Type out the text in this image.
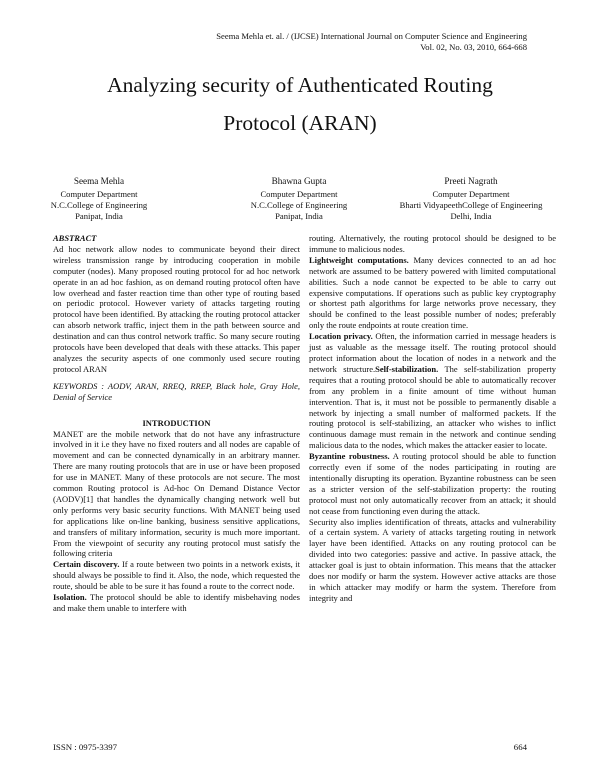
Seema Mehla et. al. / (IJCSE) International Journal on Computer Science and Engineering
Vol. 02, No. 03, 2010, 664-668
Analyzing security of Authenticated Routing
Protocol (ARAN)
Seema Mehla
Computer Department
N.C.College of Engineering
Panipat, India
Bhawna Gupta
Computer Department
N.C.College of Engineering
Panipat, India
Preeti Nagrath
Computer Department
Bharti VidyapeethCollege of Engineering
Delhi, India

ABSTRACT

Ad hoc network allow nodes to communicate beyond their direct wireless transmission range by introducing cooperation in mobile computer (nodes). Many proposed routing protocol for ad hoc network operate in an ad hoc fashion, as on demand routing protocol often have low overhead and faster reaction time than other type of routing based on periodic protocol. However variety of attacks targeting routing protocol have been identified. By attacking the routing protocol attacker can absorb network traffic, inject them in the path between source and destination and can thus control network traffic. So many secure routing protocols have been developed that deals with these attacks. This paper analyzes the security aspects of one commonly used secure routing protocol ARAN

KEYWORDS : AODV, ARAN, RREQ, RREP, Black hole, Gray Hole, Denial of Service

INTRODUCTION

MANET are the mobile network that do not have any infrastructure involved in it i.e they have no fixed routers and all nodes are capable of movement and can be connected dynamically in an arbitrary manner. There are many routing protocols that are in use or have been proposed for use in MANET. Many of these protocols are not secure. The most common Routing protocol is Ad-hoc On Demand Distance Vector (AODV)[1] that handles the dynamically changing network well but only performs very basic security functions. With MANET being used for applications like on-line banking, business sensitive applications, and transfers of military information, security is much more important. From the viewpoint of security any routing protocol must satisfy the following criteria

Certain discovery. If a route between two points in a network exists, it should always be possible to find it. Also, the node, which requested the route, should be able to be sure it has found a route to the correct node.

Isolation. The protocol should be able to identify misbehaving nodes and make them unable to interfere with

routing. Alternatively, the routing protocol should be designed to be immune to malicious nodes.

Lightweight computations. Many devices connected to an ad hoc network are assumed to be battery powered with limited computational abilities. Such a node cannot be expected to be able to carry out expensive computations. If operations such as public key cryptography or shortest path algorithms for large networks prove necessary, they should be confined to the least possible number of nodes; preferably only the route endpoints at route creation time.

Location privacy. Often, the information carried in message headers is just as valuable as the message itself. The routing protocol should protect information about the location of nodes in a network and the network structure.Self-stabilization. The self-stabilization property requires that a routing protocol should be able to automatically recover from any problem in a finite amount of time without human intervention. That is, it must not be possible to permanently disable a network by injecting a small number of malformed packets. If the routing protocol is self-stabilizing, an attacker who wishes to inflict continuous damage must remain in the network and continue sending malicious data to the nodes, which makes the attacker easier to locate.

Byzantine robustness. A routing protocol should be able to function correctly even if some of the nodes participating in routing are intentionally disrupting its operation. Byzantine robustness can be seen as a stricter version of the self-stabilization property: the routing protocol must not only automatically recover from an attack; it should not cease from functioning even during the attack.

Security also implies identification of threats, attacks and vulnerability of a certain system. A variety of attacks targeting routing in network layer have been identified. Attacks on any routing protocol can be divided into two categories: passive and active. In passive attack, the attacker goal is just to obtain information. This means that the attacker does nor modify or harm the system. However active attacks are those in which attacker may modify or harm the system. Therefore from integrity and

ISSN : 0975-3397	664
